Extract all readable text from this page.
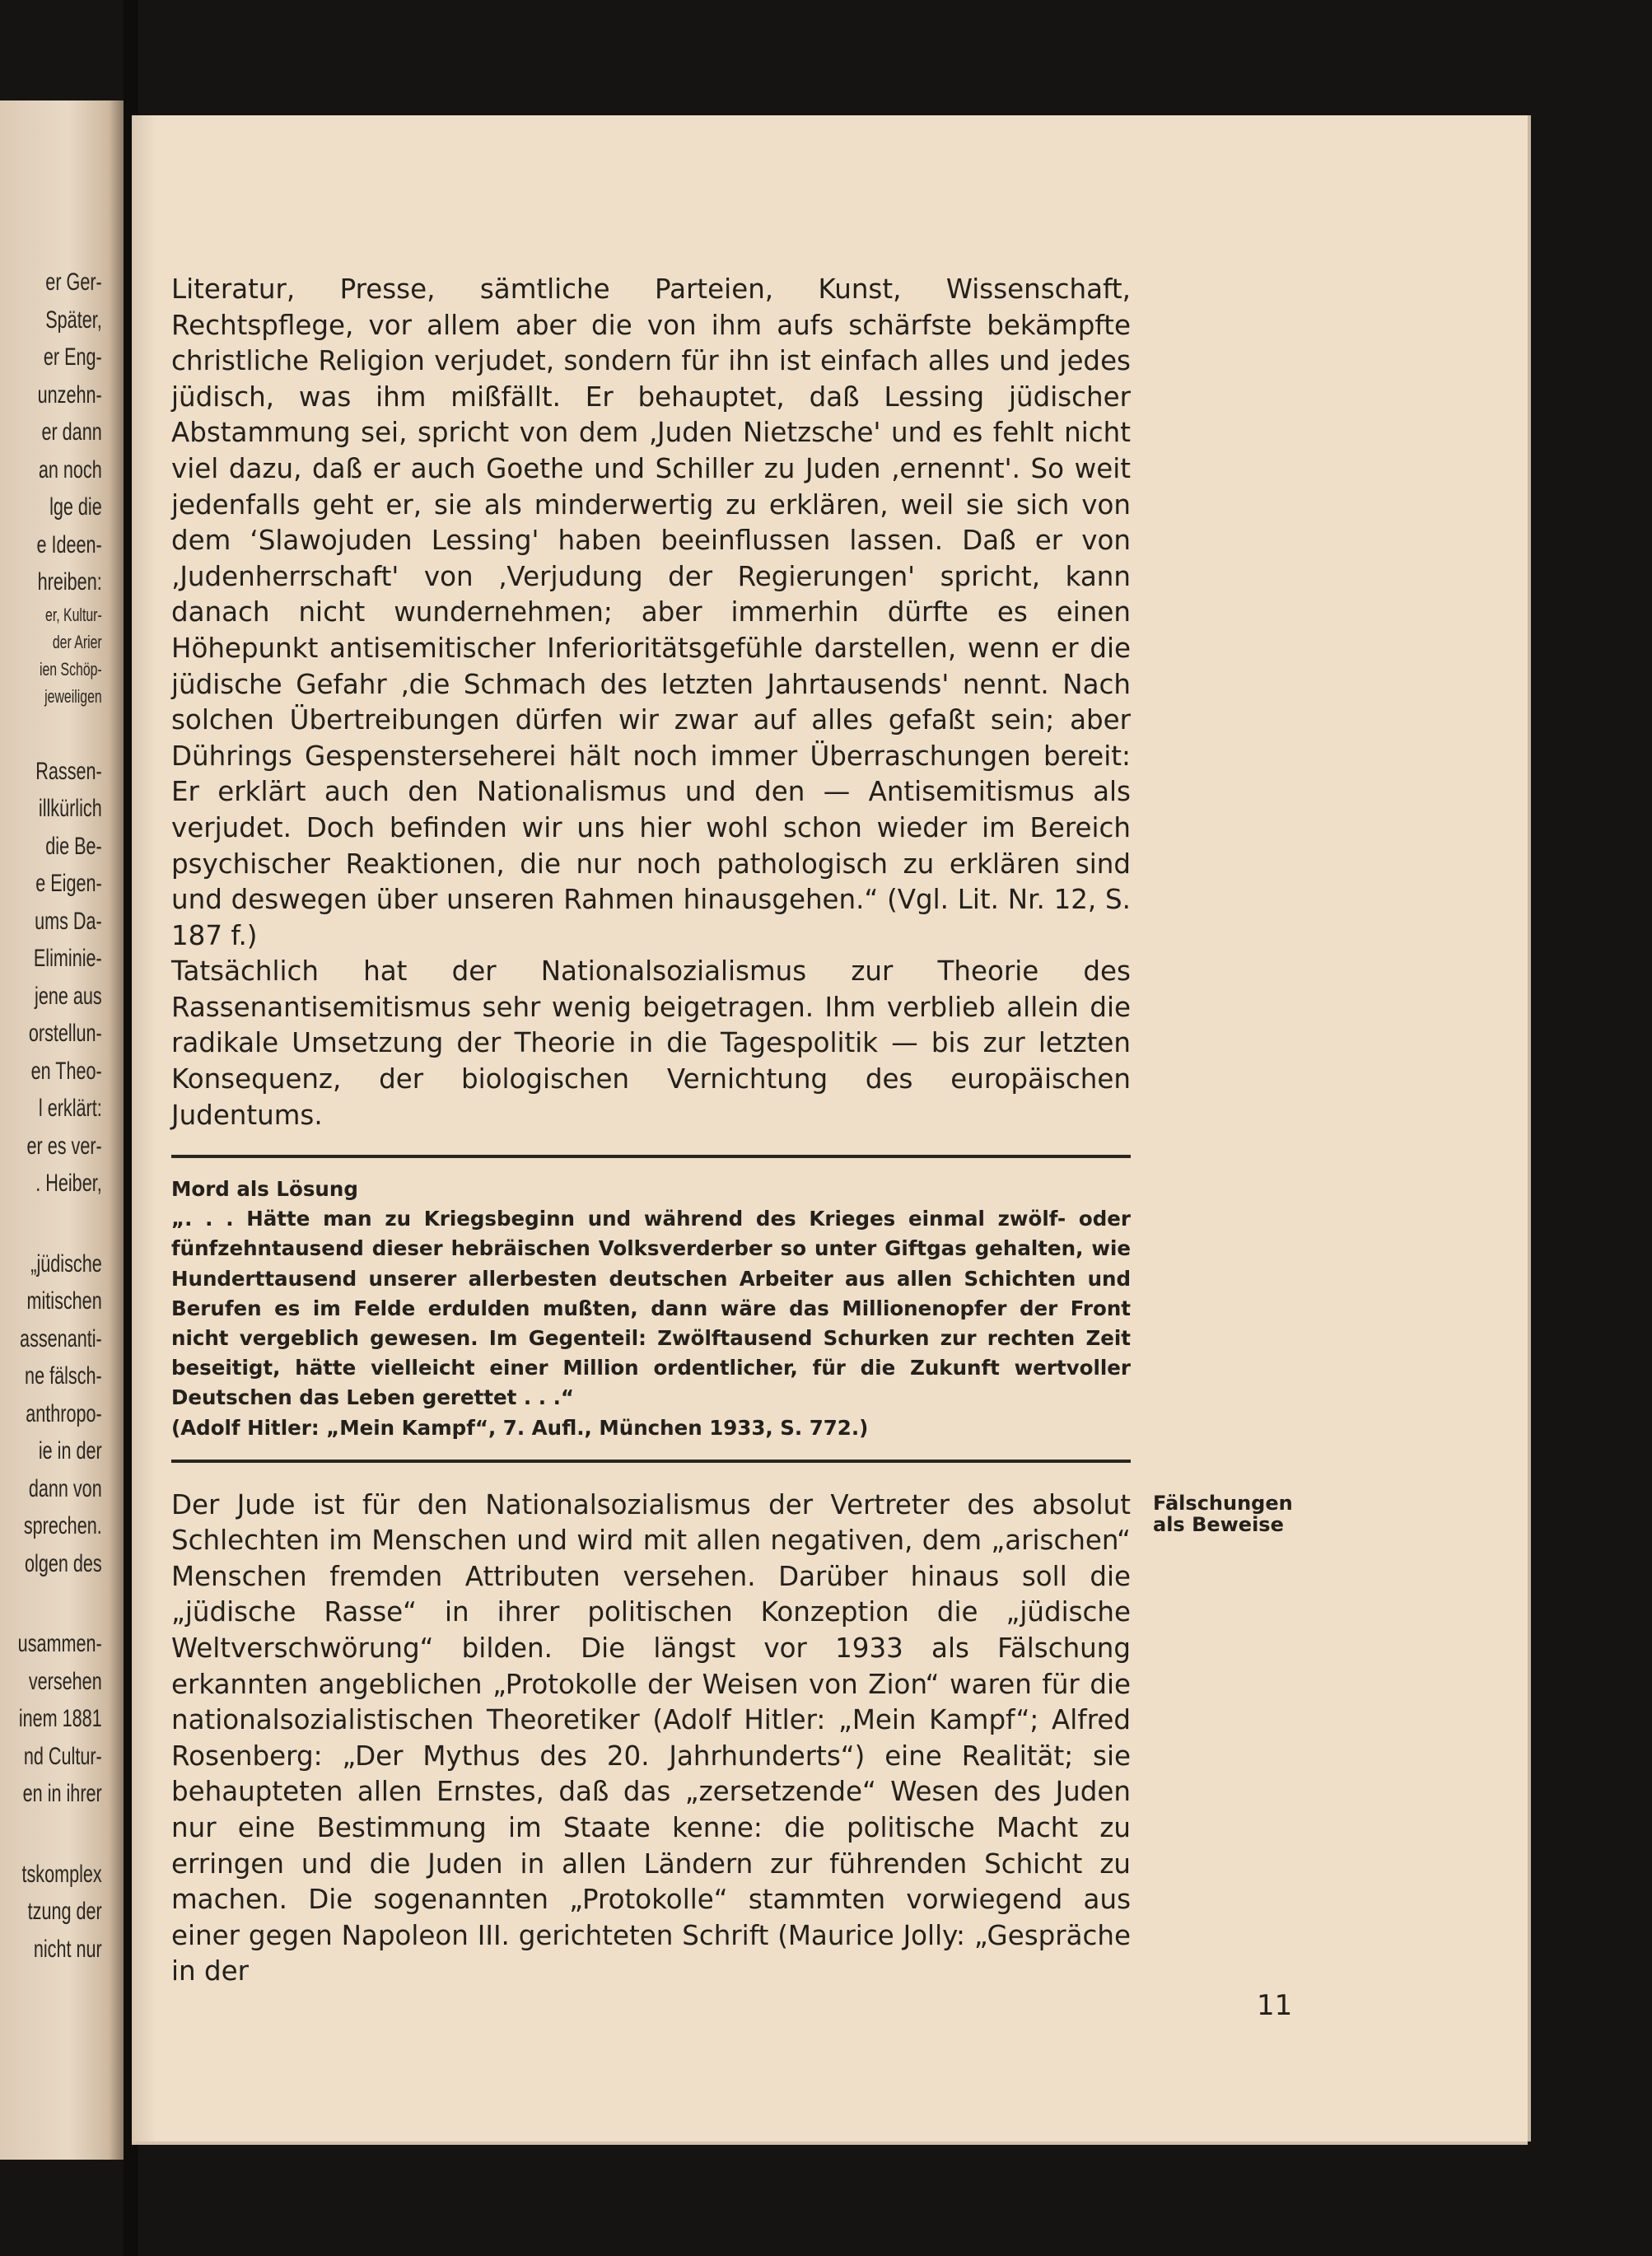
er Ger-
Später,
er Eng-
unzehn-
er dann
an noch
lge die
e Ideen-
hreiben:
er, Kultur-
der Arier
ien Schöp-
jeweiligen
Rassen-
illkürlich
die Be-
e Eigen-
ums Da-
Eliminie-
jene aus
orstellun-
en Theo-
l erklärt:
er es ver-
. Heiber,
„jüdische
mitischen
assenanti-
ne fälsch-
anthropo-
ie in der
dann von
sprechen.
olgen des
usammen-
versehen
inem 1881
nd Cultur-
en in ihrer
tskomplex
tzung der
nicht nur

Literatur, Presse, sämtliche Parteien, Kunst, Wissenschaft, Rechtspflege, vor allem aber die von ihm aufs schärfste bekämpfte christliche Religion verjudet, sondern für ihn ist einfach alles und jedes jüdisch, was ihm mißfällt. Er behauptet, daß Lessing jüdischer Abstammung sei, spricht von dem ‚Juden Nietzsche' und es fehlt nicht viel dazu, daß er auch Goethe und Schiller zu Juden ‚ernennt'. So weit jedenfalls geht er, sie als minderwertig zu erklären, weil sie sich von dem ‘Slawojuden Lessing' haben beeinflussen lassen. Daß er von ‚Judenherrschaft' von ‚Verjudung der Regierungen' spricht, kann danach nicht wundernehmen; aber immerhin dürfte es einen Höhepunkt antisemitischer Inferioritätsgefühle darstellen, wenn er die jüdische Gefahr ‚die Schmach des letzten Jahrtausends' nennt. Nach solchen Übertreibungen dürfen wir zwar auf alles gefaßt sein; aber Dührings Gespensterseherei hält noch immer Überraschungen bereit: Er erklärt auch den Nationalismus und den — Antisemitismus als verjudet. Doch befinden wir uns hier wohl schon wieder im Bereich psychischer Reaktionen, die nur noch pathologisch zu erklären sind und deswegen über unseren Rahmen hinausgehen.“ (Vgl. Lit. Nr. 12, S. 187 f.)

Tatsächlich hat der Nationalsozialismus zur Theorie des Rassenantisemitismus sehr wenig beigetragen. Ihm verblieb allein die radikale Umsetzung der Theorie in die Tagespolitik — bis zur letzten Konsequenz, der biologischen Vernichtung des europäischen Judentums.

Mord als Lösung

„. . . Hätte man zu Kriegsbeginn und während des Krieges einmal zwölf- oder fünfzehntausend dieser hebräischen Volksverderber so unter Giftgas gehalten, wie Hunderttausend unserer allerbesten deutschen Arbeiter aus allen Schichten und Berufen es im Felde erdulden mußten, dann wäre das Millionenopfer der Front nicht vergeblich gewesen. Im Gegenteil: Zwölftausend Schurken zur rechten Zeit beseitigt, hätte vielleicht einer Million ordentlicher, für die Zukunft wertvoller Deutschen das Leben gerettet . . .“

(Adolf Hitler: „Mein Kampf“, 7. Aufl., München 1933, S. 772.)

Der Jude ist für den Nationalsozialismus der Vertreter des absolut Schlechten im Menschen und wird mit allen negativen, dem „arischen“ Menschen fremden Attributen versehen. Darüber hinaus soll die „jüdische Rasse“ in ihrer politischen Konzeption die „jüdische Weltverschwörung“ bilden. Die längst vor 1933 als Fälschung erkannten angeblichen „Protokolle der Weisen von Zion“ waren für die nationalsozialistischen Theoretiker (Adolf Hitler: „Mein Kampf“; Alfred Rosenberg: „Der Mythus des 20. Jahrhunderts“) eine Realität; sie behaupteten allen Ernstes, daß das „zersetzende“ Wesen des Juden nur eine Bestimmung im Staate kenne: die politische Macht zu erringen und die Juden in allen Ländern zur führenden Schicht zu machen. Die sogenannten „Protokolle“ stammten vorwiegend aus einer gegen Napoleon III. gerichteten Schrift (Maurice Jolly: „Gespräche in der

Fälschungen
als Beweise
11
